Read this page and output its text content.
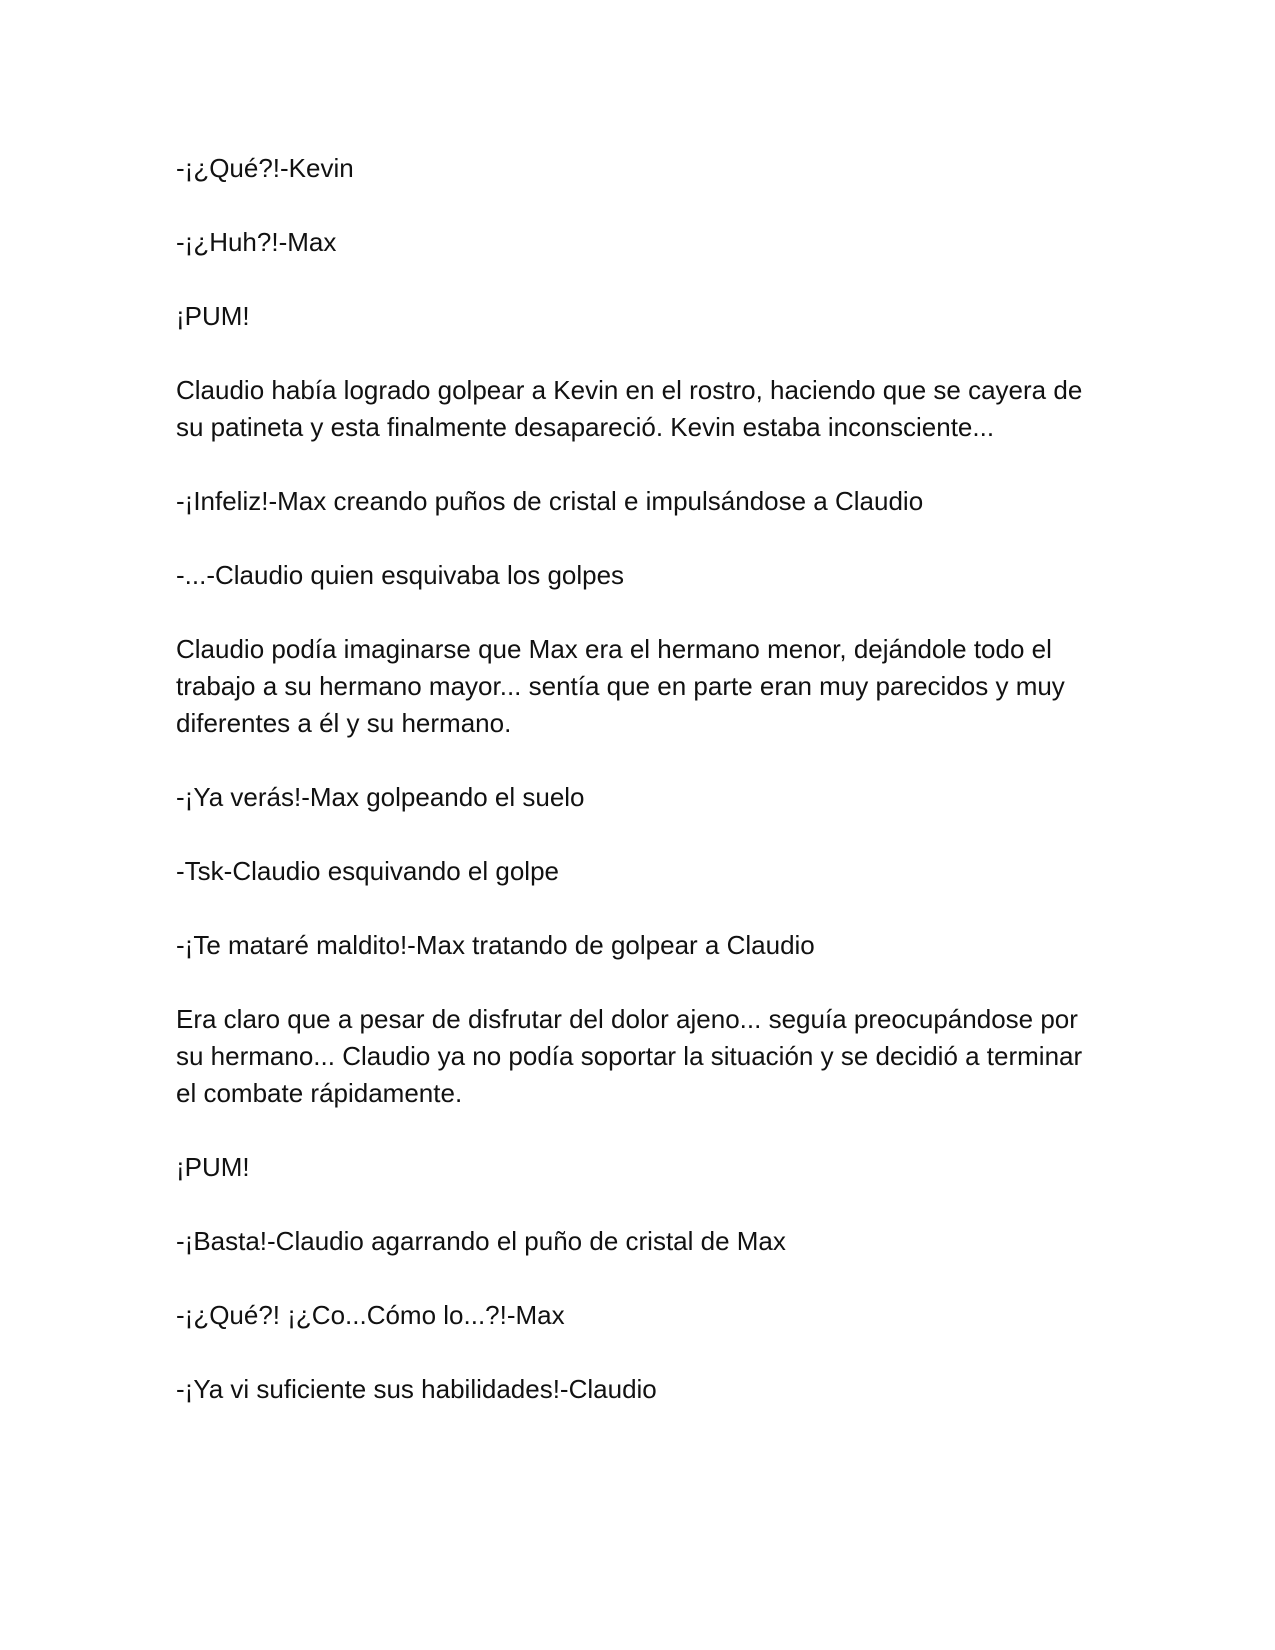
-¡¿Qué?!-Kevin

-¡¿Huh?!-Max

¡PUM!

Claudio había logrado golpear a Kevin en el rostro, haciendo que se cayera de su patineta y esta finalmente desapareció. Kevin estaba inconsciente...

-¡Infeliz!-Max creando puños de cristal e impulsándose a Claudio

-...-Claudio quien esquivaba los golpes

Claudio podía imaginarse que Max era el hermano menor, dejándole todo el trabajo a su hermano mayor... sentía que en parte eran muy parecidos y muy diferentes a él y su hermano.

-¡Ya verás!-Max golpeando el suelo

-Tsk-Claudio esquivando el golpe

-¡Te mataré maldito!-Max tratando de golpear a Claudio

Era claro que a pesar de disfrutar del dolor ajeno... seguía preocupándose por su hermano... Claudio ya no podía soportar la situación y se decidió a terminar el combate rápidamente.

¡PUM!

-¡Basta!-Claudio agarrando el puño de cristal de Max

-¡¿Qué?! ¡¿Co...Cómo lo...?!-Max

-¡Ya vi suficiente sus habilidades!-Claudio
